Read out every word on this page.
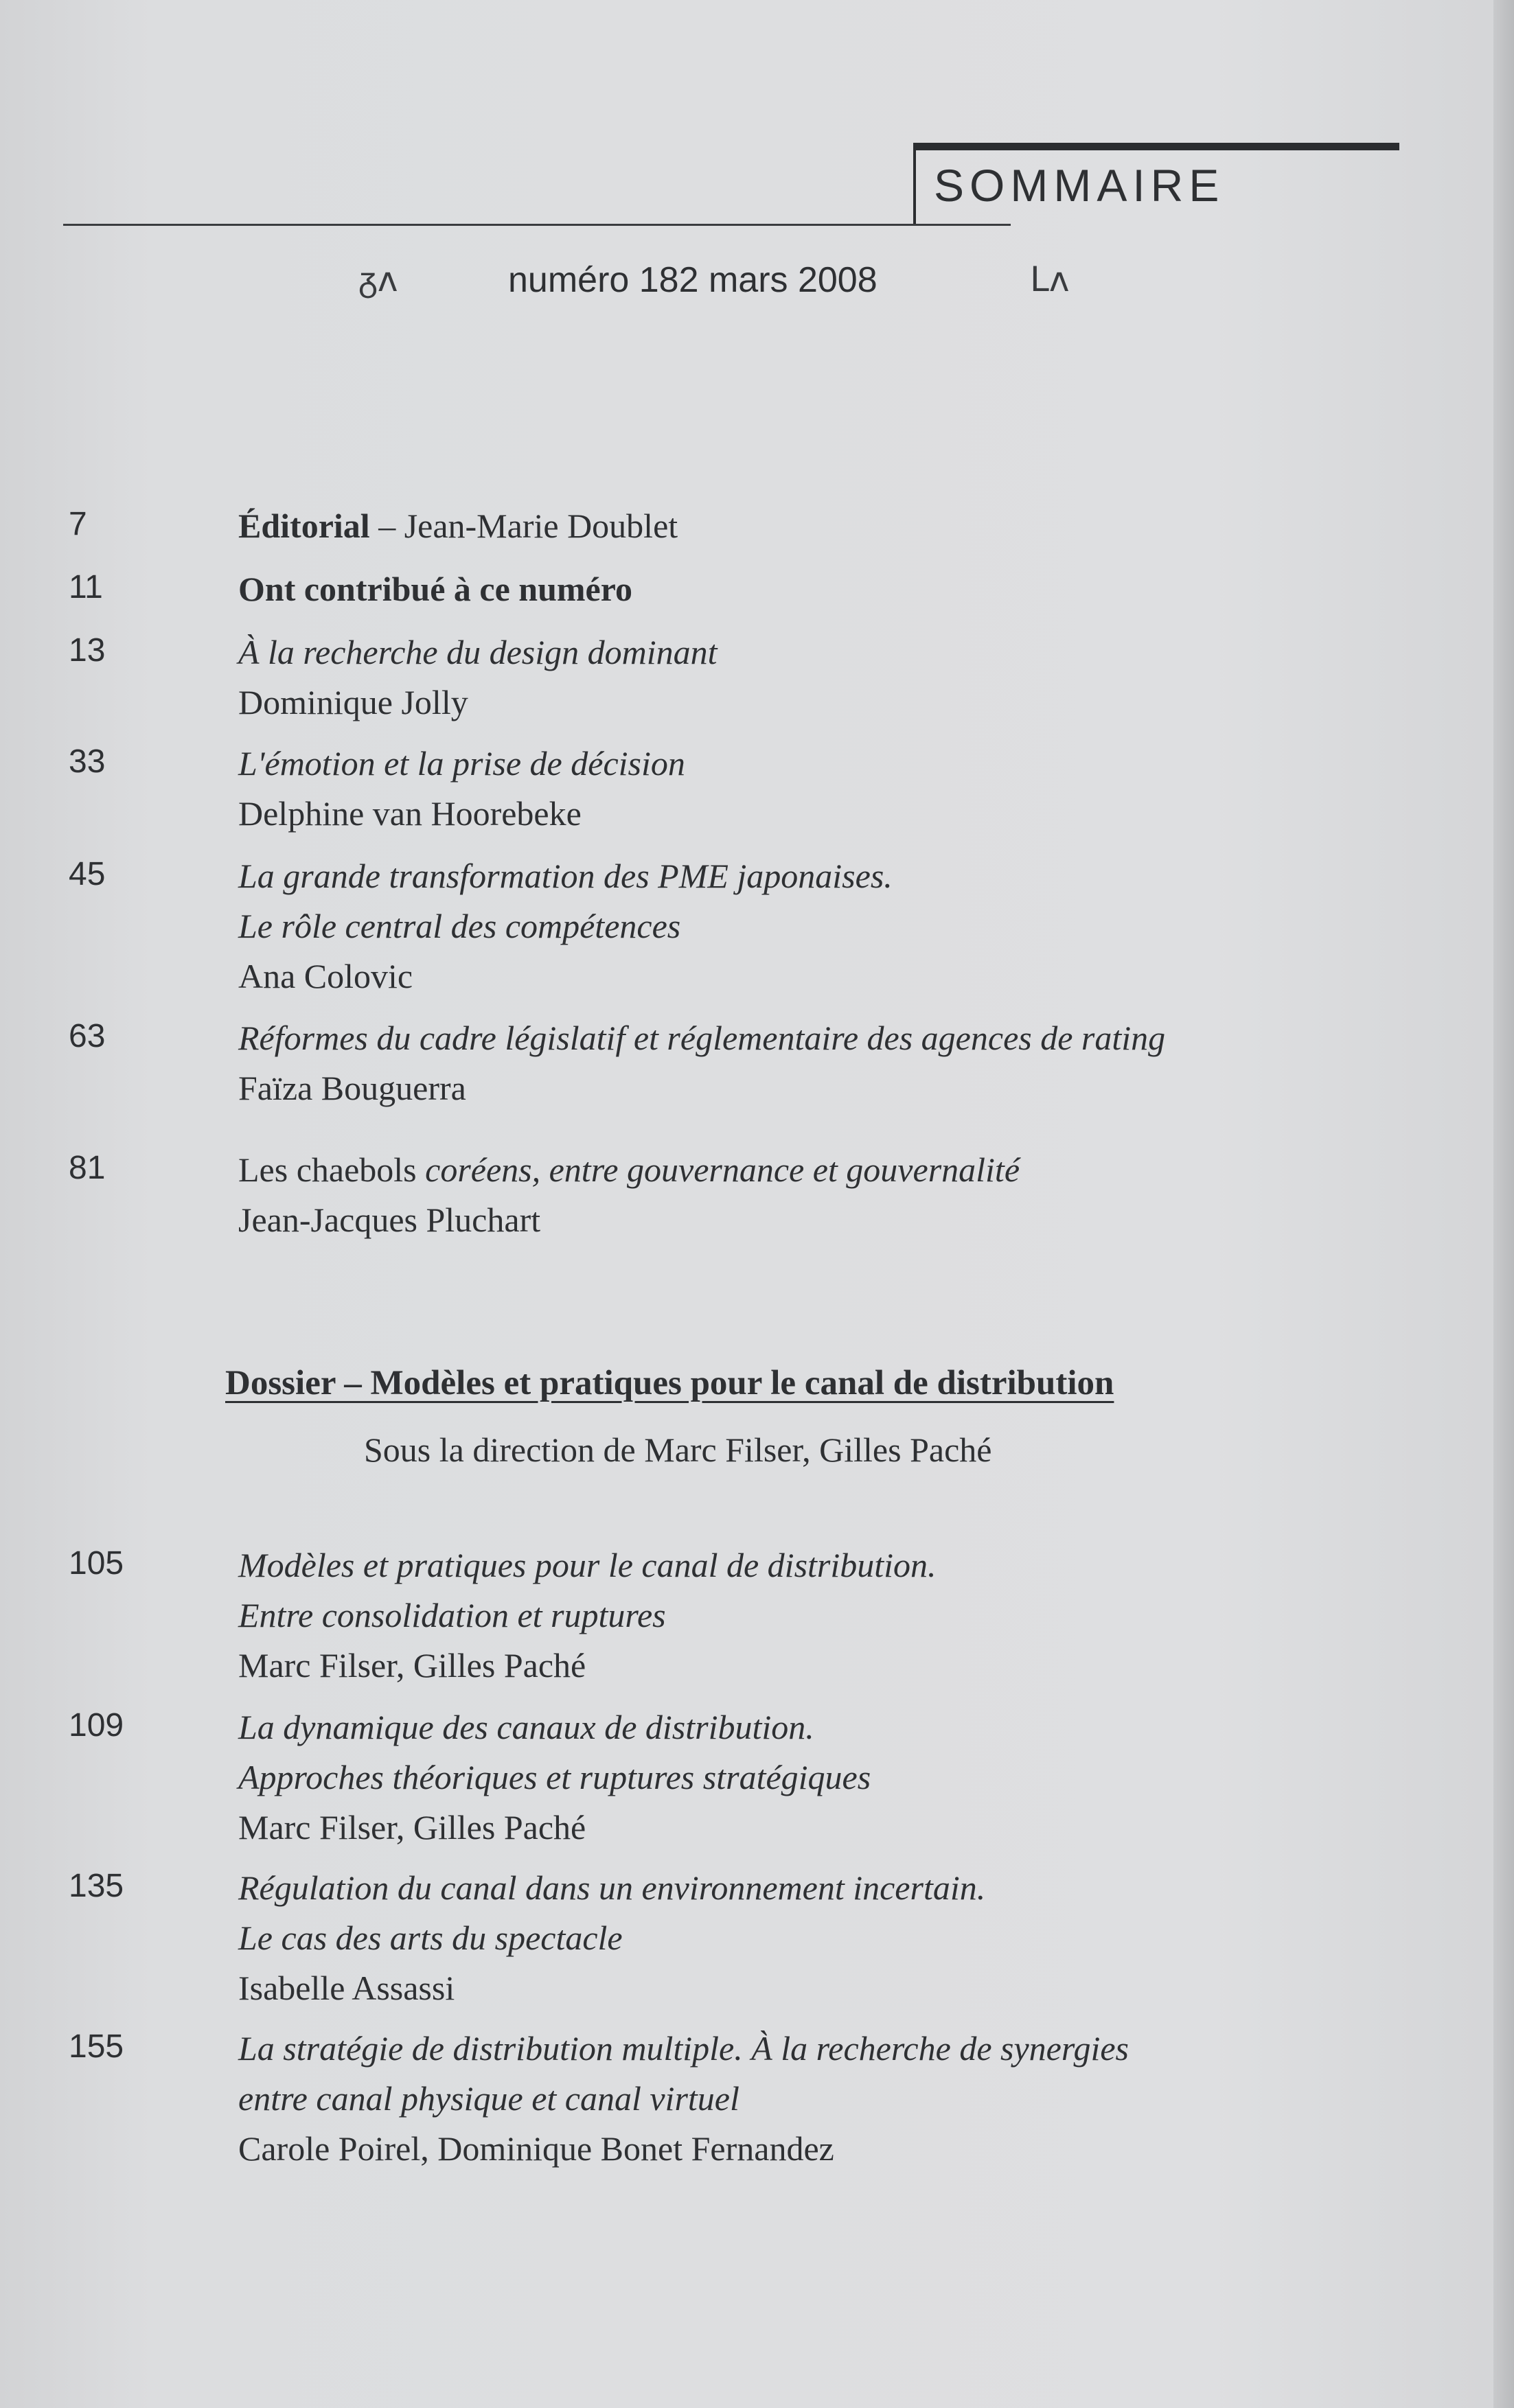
SOMMAIRE
ᵹʌ	numéro 182 mars 2008	ᒪʌ
7	Éditorial – Jean-Marie Doublet
11	Ont contribué à ce numéro
13	À la recherche du design dominant
Dominique Jolly
33	L'émotion et la prise de décision
Delphine van Hoorebeke
45	La grande transformation des PME japonaises.
Le rôle central des compétences
Ana Colovic
63	Réformes du cadre législatif et réglementaire des agences de rating
Faïza Bouguerra
81	Les chaebols coréens, entre gouvernance et gouvernalité
Jean-Jacques Pluchart
Dossier – Modèles et pratiques pour le canal de distribution
Sous la direction de Marc Filser, Gilles Paché
105	Modèles et pratiques pour le canal de distribution.
Entre consolidation et ruptures
Marc Filser, Gilles Paché
109	La dynamique des canaux de distribution.
Approches théoriques et ruptures stratégiques
Marc Filser, Gilles Paché
135	Régulation du canal dans un environnement incertain.
Le cas des arts du spectacle
Isabelle Assassi
155	La stratégie de distribution multiple. À la recherche de synergies
entre canal physique et canal virtuel
Carole Poirel, Dominique Bonet Fernandez
